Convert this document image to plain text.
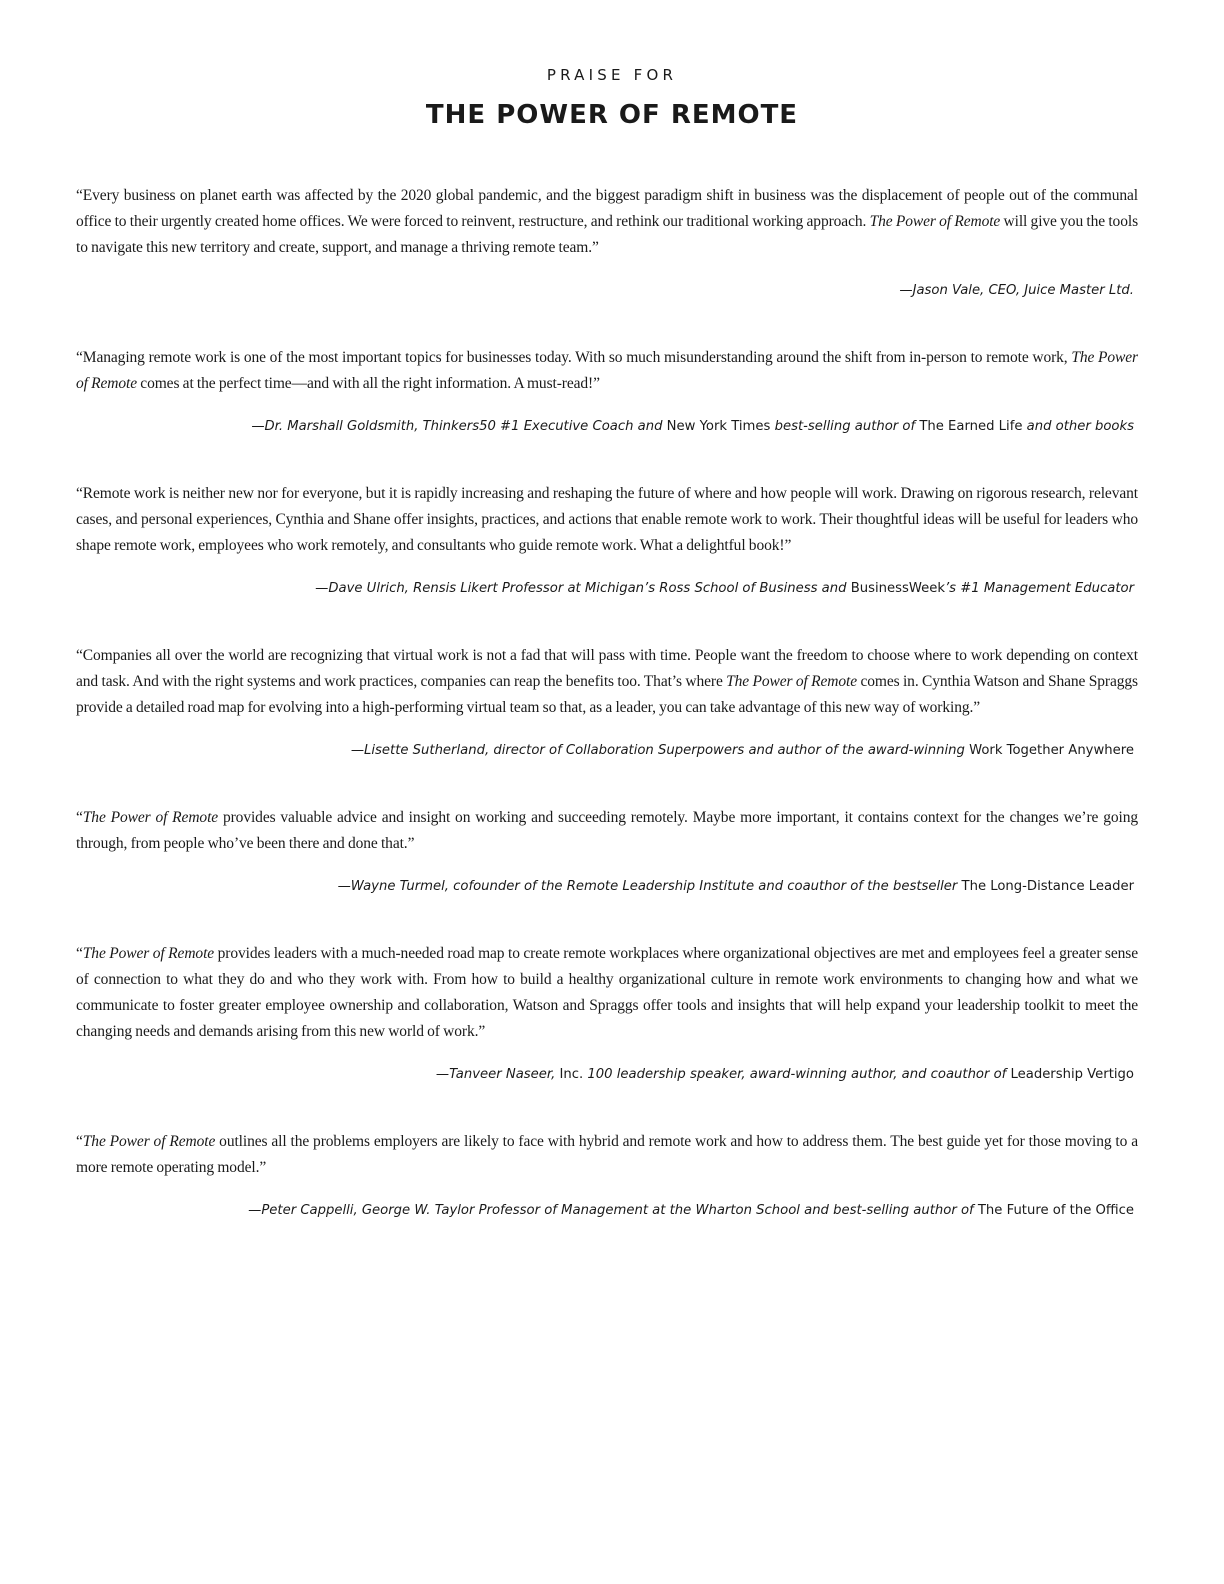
PRAISE FOR
THE POWER OF REMOTE

“Every business on planet earth was affected by the 2020 global pandemic, and the biggest paradigm shift in business was the displacement of people out of the communal office to their urgently created home offices. We were forced to reinvent, restructure, and rethink our traditional working approach. The Power of Remote will give you the tools to navigate this new territory and create, support, and manage a thriving remote team.”

—Jason Vale, CEO, Juice Master Ltd.

“Managing remote work is one of the most important topics for businesses today. With so much misunderstanding around the shift from in-person to remote work, The Power of Remote comes at the perfect time—and with all the right information. A must-read!”

—Dr. Marshall Goldsmith, Thinkers50 #1 Executive Coach and New York Times best-selling author of The Earned Life and other books

“Remote work is neither new nor for everyone, but it is rapidly increasing and reshaping the future of where and how people will work. Drawing on rigorous research, relevant cases, and personal experiences, Cynthia and Shane offer insights, practices, and actions that enable remote work to work. Their thoughtful ideas will be useful for leaders who shape remote work, employees who work remotely, and consultants who guide remote work. What a delightful book!”

—Dave Ulrich, Rensis Likert Professor at Michigan’s Ross School of Business and BusinessWeek’s #1 Management Educator

“Companies all over the world are recognizing that virtual work is not a fad that will pass with time. People want the freedom to choose where to work depending on context and task. And with the right systems and work practices, companies can reap the benefits too. That’s where The Power of Remote comes in. Cynthia Watson and Shane Spraggs provide a detailed road map for evolving into a high-performing virtual team so that, as a leader, you can take advantage of this new way of working.”

—Lisette Sutherland, director of Collaboration Superpowers and author of the award-winning Work Together Anywhere

“The Power of Remote provides valuable advice and insight on working and succeeding remotely. Maybe more important, it contains context for the changes we’re going through, from people who’ve been there and done that.”

—Wayne Turmel, cofounder of the Remote Leadership Institute and coauthor of the bestseller The Long-Distance Leader

“The Power of Remote provides leaders with a much-needed road map to create remote workplaces where organizational objectives are met and employees feel a greater sense of connection to what they do and who they work with. From how to build a healthy organizational culture in remote work environments to changing how and what we communicate to foster greater employee ownership and collaboration, Watson and Spraggs offer tools and insights that will help expand your leadership toolkit to meet the changing needs and demands arising from this new world of work.”

—Tanveer Naseer, Inc. 100 leadership speaker, award-winning author, and coauthor of Leadership Vertigo

“The Power of Remote outlines all the problems employers are likely to face with hybrid and remote work and how to address them. The best guide yet for those moving to a more remote operating model.”

—Peter Cappelli, George W. Taylor Professor of Management at the Wharton School and best-selling author of The Future of the Office
